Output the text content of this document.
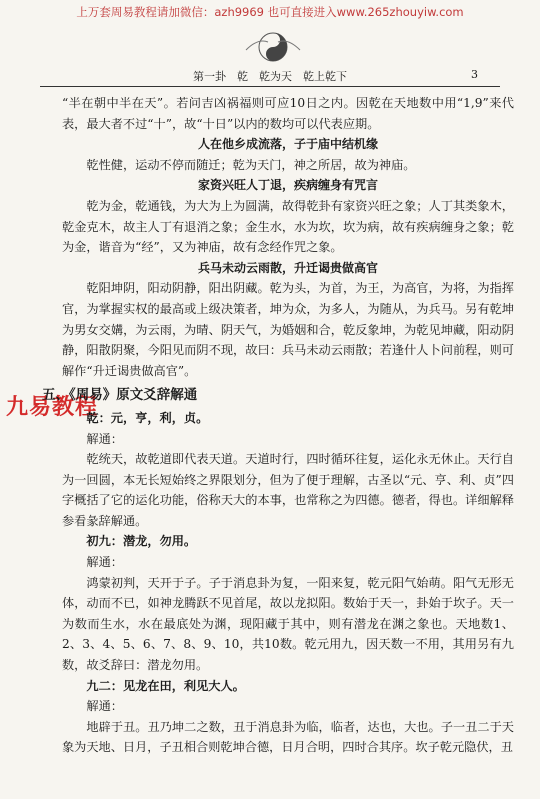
上万套周易教程请加微信：azh9969 也可直接进入www.265zhouyiw.com
第一卦　乾　乾为天　乾上乾下	3
九易教程

“半在朝中半在天”。若问吉凶祸福则可应10日之内。因乾在天地数中用“1,9”来代表，最大者不过“十”，故“十日”以内的数均可以代表应期。

人在他乡成流落，子于庙中结机缘

乾性健，运动不停而随迁；乾为天门，神之所居，故为神庙。

家资兴旺人丁退，疾病缠身有咒言

乾为金，乾通钱，为大为上为圆满，故得乾卦有家资兴旺之象；人丁其类象木，乾金克木，故主人丁有退消之象；金生水，水为坎，坎为病，故有疾病缠身之象；乾为金，谐音为“经”，又为神庙，故有念经作咒之象。

兵马未动云雨散，升迁谒贵做高官

乾阳坤阴，阳动阴静，阳出阴藏。乾为头，为首，为王，为高官，为将，为指挥官，为掌握实权的最高或上级决策者，坤为众，为多人，为随从，为兵马。另有乾坤为男女交媾，为云雨，为晴、阴天气，为婚姻和合，乾反象坤，为乾见坤藏，阳动阴静，阳散阴聚，今阳见而阴不现，故曰：兵马未动云雨散；若逢什人卜问前程，则可解作“升迁谒贵做高官”。

五、《周易》原文爻辞解通

乾：元，亨，利，贞。

解通：

乾统天，故乾道即代表天道。天道时行，四时循环往复，运化永无休止。天行自为一回圆，本无长短始终之界限划分，但为了便于理解，古圣以“元、亨、利、贞”四字概括了它的运化功能，俗称天大的本事，也常称之为四德。德者，得也。详细解释参看彖辞解通。

初九：潜龙，勿用。

解通：

鸿蒙初判，天开于子。子于消息卦为复，一阳来复，乾元阳气始萌。阳气无形无体，动而不已，如神龙腾跃不见首尾，故以龙拟阳。数始于天一，卦始于坎子。天一为数而生水，水在最底处为渊，现阳藏于其中，则有潜龙在渊之象也。天地数1、2、3、4、5、6、7、8、9、10，共10数。乾元用九，因天数一不用，其用另有九数，故爻辞曰：潜龙勿用。

九二：见龙在田，利见大人。

解通：

地辟于丑。丑乃坤二之数，丑于消息卦为临，临者，达也，大也。子一丑二于天象为天地、日月，子丑相合则乾坤合德，日月合明，四时合其序。坎子乾元隐伏，丑
